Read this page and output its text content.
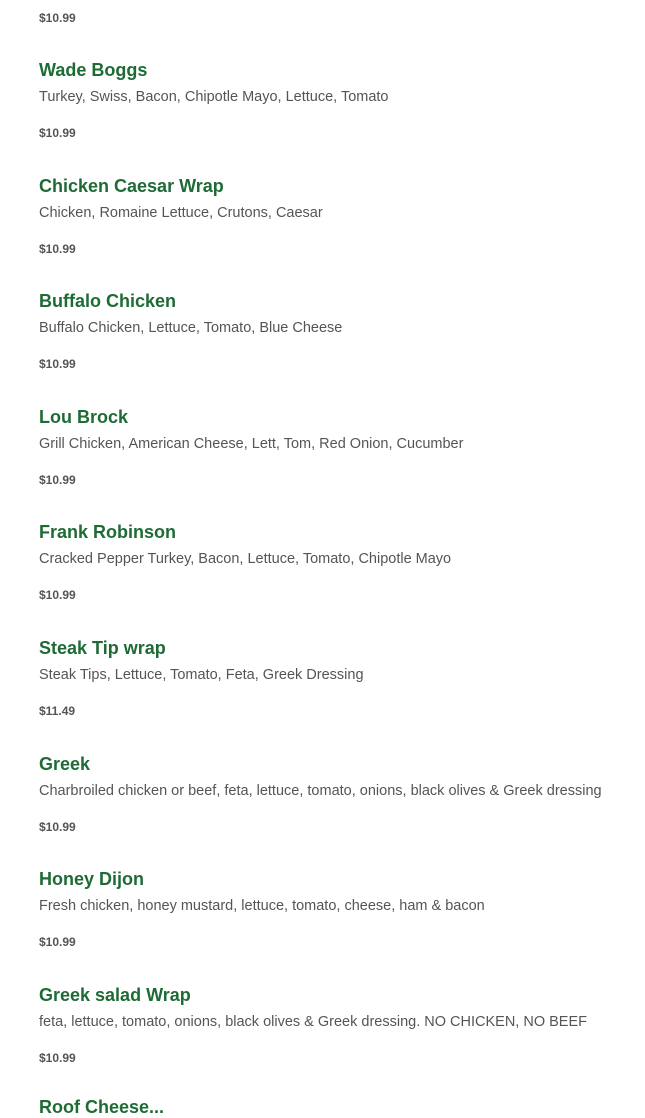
$10.99
Wade Boggs
Turkey, Swiss, Bacon, Chipotle Mayo, Lettuce, Tomato
$10.99
Chicken Caesar Wrap
Chicken, Romaine Lettuce, Crutons, Caesar
$10.99
Buffalo Chicken
Buffalo Chicken, Lettuce, Tomato, Blue Cheese
$10.99
Lou Brock
Grill Chicken, American Cheese, Lett, Tom, Red Onion, Cucumber
$10.99
Frank Robinson
Cracked Pepper Turkey, Bacon, Lettuce, Tomato, Chipotle Mayo
$10.99
Steak Tip wrap
Steak Tips, Lettuce, Tomato, Feta, Greek Dressing
$11.49
Greek
Charbroiled chicken or beef, feta, lettuce, tomato, onions, black olives & Greek dressing
$10.99
Honey Dijon
Fresh chicken, honey mustard, lettuce, tomato, cheese, ham & bacon
$10.99
Greek salad Wrap
feta, lettuce, tomato, onions, black olives & Greek dressing. NO CHICKEN, NO BEEF
$10.99
Roof Cheese...
